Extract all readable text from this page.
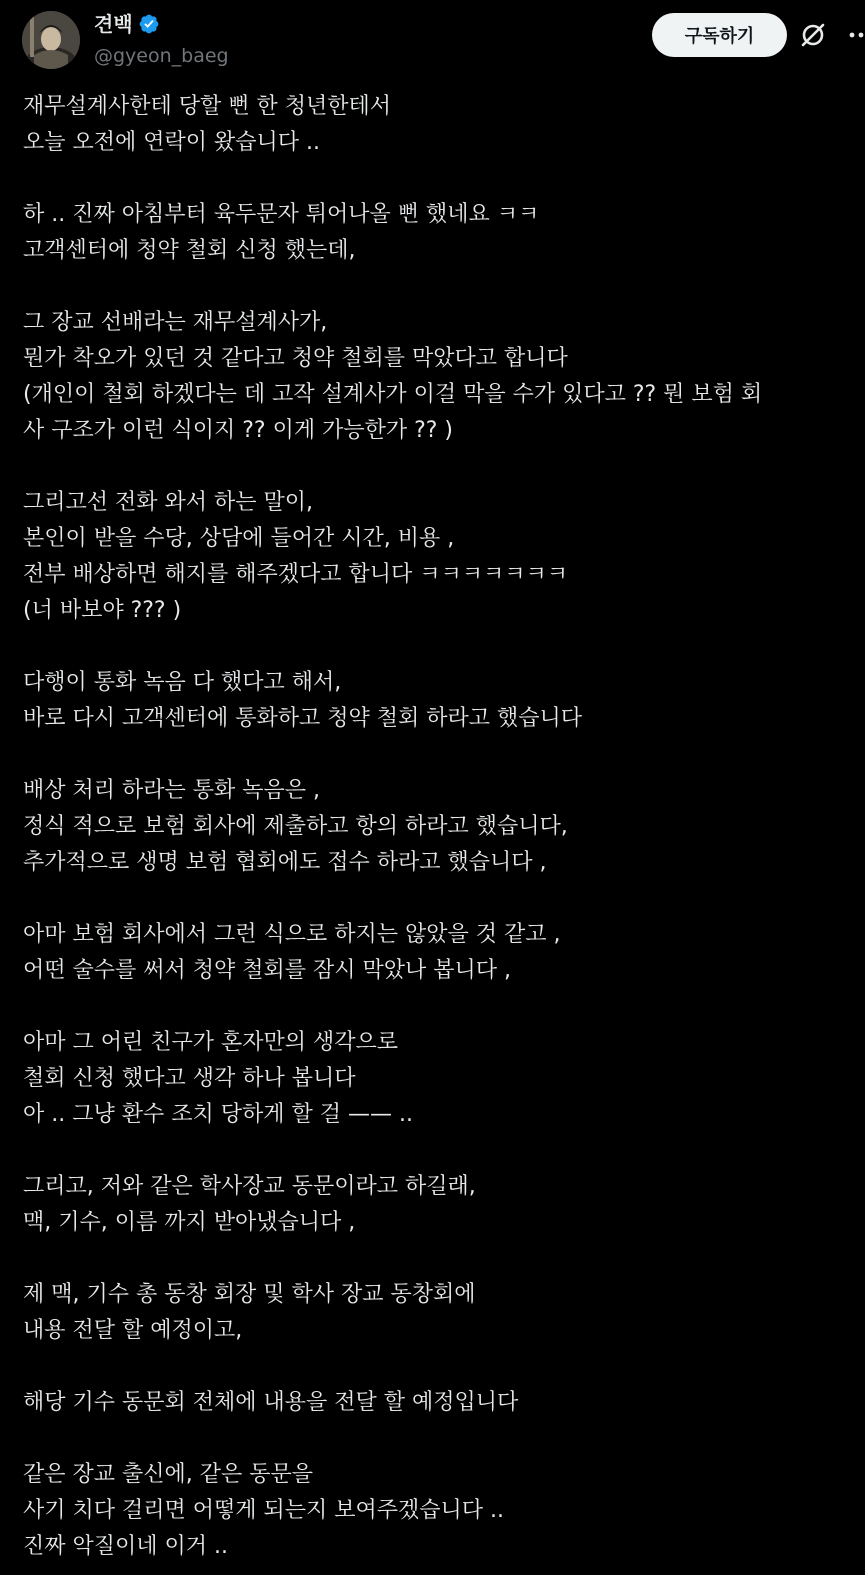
견백
@gyeon_baeg
구독하기
재무설계사한테 당할 뻔 한 청년한테서
오늘 오전에 연락이 왔습니다 ..
하 .. 진짜 아침부터 육두문자 튀어나올 뻔 했네요 ㅋㅋ
고객센터에 청약 철회 신청 했는데,
그 장교 선배라는 재무설계사가,
뭔가 착오가 있던 것 같다고 청약 철회를 막았다고 합니다
(개인이 철회 하겠다는 데 고작 설계사가 이걸 막을 수가 있다고 ?? 뭔 보험 회
사 구조가 이런 식이지 ?? 이게 가능한가 ?? )
그리고선 전화 와서 하는 말이,
본인이 받을 수당, 상담에 들어간 시간, 비용 ,
전부 배상하면 해지를 해주겠다고 합니다 ㅋㅋㅋㅋㅋㅋㅋ
(너 바보야 ??? )
다행이 통화 녹음 다 했다고 해서,
바로 다시 고객센터에 통화하고 청약 철회 하라고 했습니다
배상 처리 하라는 통화 녹음은 ,
정식 적으로 보험 회사에 제출하고 항의 하라고 했습니다,
추가적으로 생명 보험 협회에도 접수 하라고 했습니다 ,
아마 보험 회사에서 그런 식으로 하지는 않았을 것 같고 ,
어떤 술수를 써서 청약 철회를 잠시 막았나 봅니다 ,
아마 그 어린 친구가 혼자만의 생각으로
철회 신청 했다고 생각 하나 봅니다
아 .. 그냥 환수 조치 당하게 할 걸 —— ..
그리고, 저와 같은 학사장교 동문이라고 하길래,
맥, 기수, 이름 까지 받아냈습니다 ,
제 맥, 기수 총 동창 회장 및 학사 장교 동창회에
내용 전달 할 예정이고,
해당 기수 동문회 전체에 내용을 전달 할 예정입니다
같은 장교 출신에, 같은 동문을
사기 치다 걸리면 어떻게 되는지 보여주겠습니다 ..
진짜 악질이네 이거 ..
